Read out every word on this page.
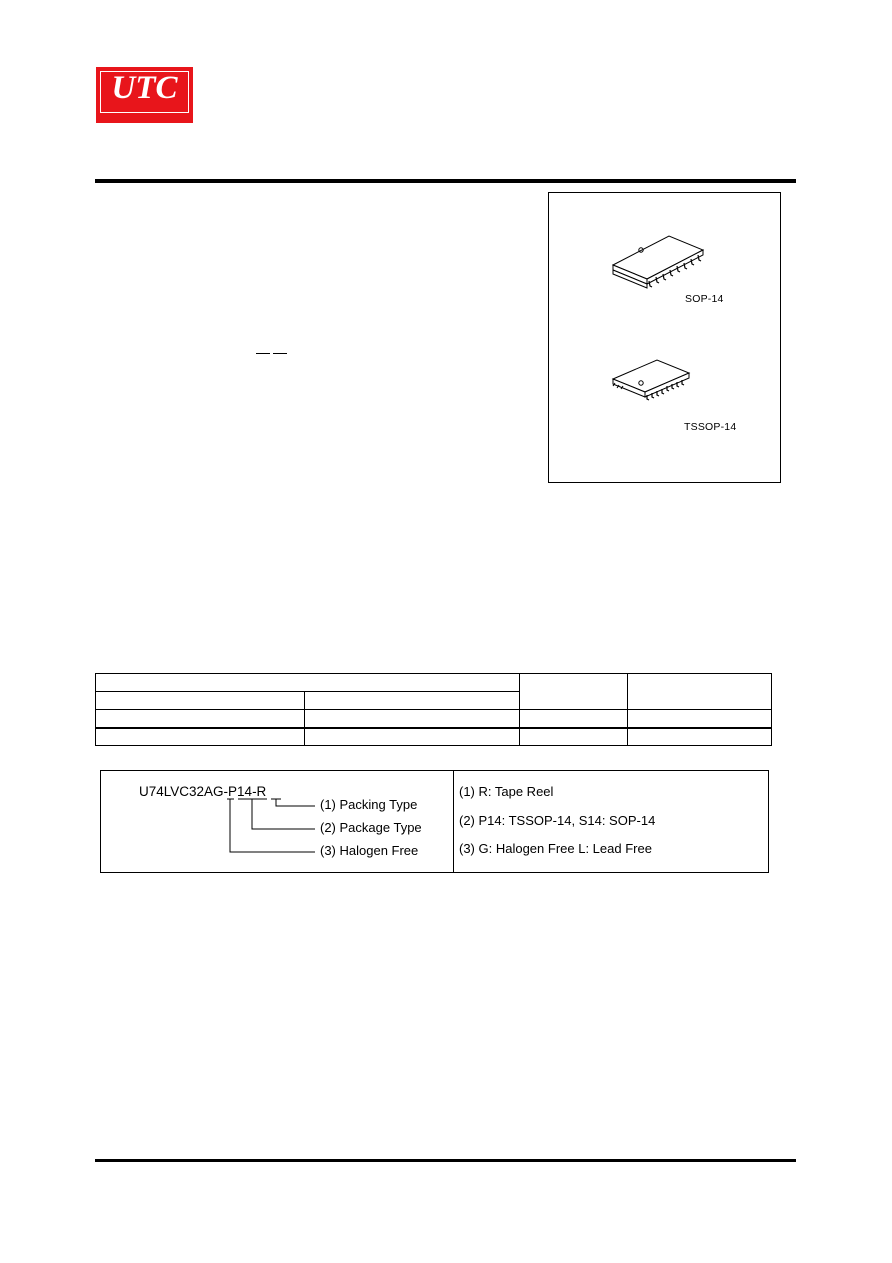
UTC
SOP-14
TSSOP-14

U74LVC32AG-P14-R
(1) Packing Type
(2) Package Type
(3) Halogen Free
(1) R: Tape Reel
(2) P14: TSSOP-14, S14: SOP-14
(3) G: Halogen Free L: Lead Free
